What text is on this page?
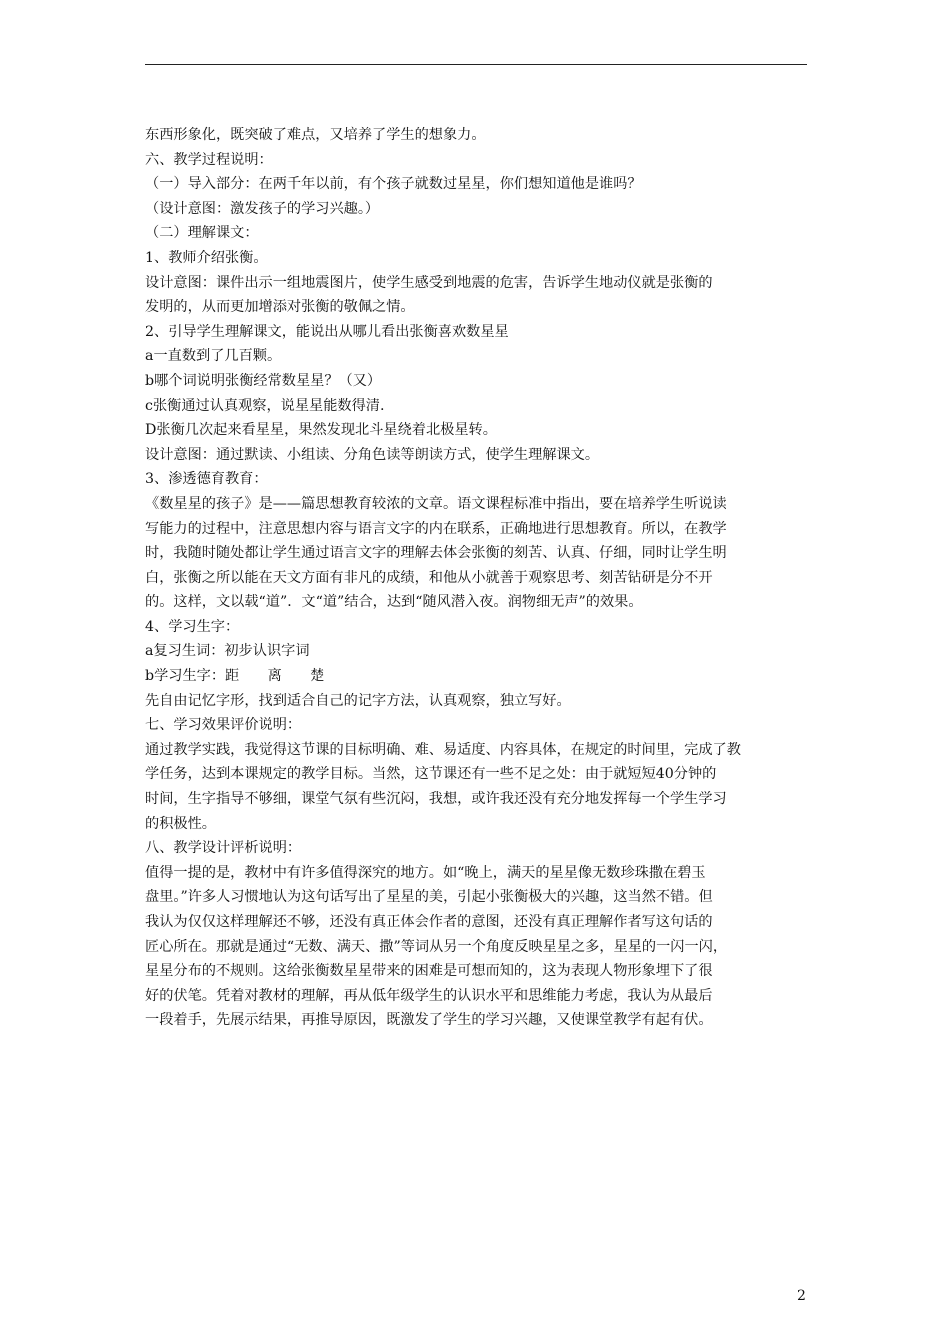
东西形象化，既突破了难点，又培养了学生的想象力。
六、教学过程说明：
（一）导入部分：在两千年以前，有个孩子就数过星星，你们想知道他是谁吗？
（设计意图：激发孩子的学习兴趣。）
（二）理解课文：
1、教师介绍张衡。
设计意图：课件出示一组地震图片，使学生感受到地震的危害，告诉学生地动仪就是张衡的
发明的，从而更加增添对张衡的敬佩之情。
2、引导学生理解课文，能说出从哪儿看出张衡喜欢数星星
a一直数到了几百颗。
b哪个词说明张衡经常数星星？（又）
c张衡通过认真观察，说星星能数得清.
D张衡几次起来看星星，果然发现北斗星绕着北极星转。
设计意图：通过默读、小组读、分角色读等朗读方式，使学生理解课文。
3、渗透德育教育：
《数星星的孩子》是——篇思想教育较浓的文章。语文课程标准中指出，要在培养学生听说读
写能力的过程中，注意思想内容与语言文字的内在联系，正确地进行思想教育。所以，在教学
时，我随时随处都让学生通过语言文字的理解去体会张衡的刻苦、认真、仔细，同时让学生明
白，张衡之所以能在天文方面有非凡的成绩，和他从小就善于观察思考、刻苦钻研是分不开
的。这样，文以载“道”．文“道”结合，达到“随风潜入夜。润物细无声”的效果。
4、学习生字：
a复习生词：初步认识字词
b学习生字：距　　离　　楚
先自由记忆字形，找到适合自己的记字方法，认真观察，独立写好。
七、学习效果评价说明：
通过教学实践，我觉得这节课的目标明确、难、易适度、内容具体，在规定的时间里，完成了教
学任务，达到本课规定的教学目标。当然，这节课还有一些不足之处：由于就短短40分钟的
时间，生字指导不够细，课堂气氛有些沉闷，我想，或许我还没有充分地发挥每一个学生学习
的积极性。
八、教学设计评析说明：
值得一提的是，教材中有许多值得深究的地方。如“晚上，满天的星星像无数珍珠撒在碧玉
盘里。”许多人习惯地认为这句话写出了星星的美，引起小张衡极大的兴趣，这当然不错。但
我认为仅仅这样理解还不够，还没有真正体会作者的意图，还没有真正理解作者写这句话的
匠心所在。那就是通过“无数、满天、撒”等词从另一个角度反映星星之多，星星的一闪一闪，
星星分布的不规则。这给张衡数星星带来的困难是可想而知的，这为表现人物形象埋下了很
好的伏笔。凭着对教材的理解，再从低年级学生的认识水平和思维能力考虑，我认为从最后
一段着手，先展示结果，再推导原因，既激发了学生的学习兴趣，又使课堂教学有起有伏。
2
